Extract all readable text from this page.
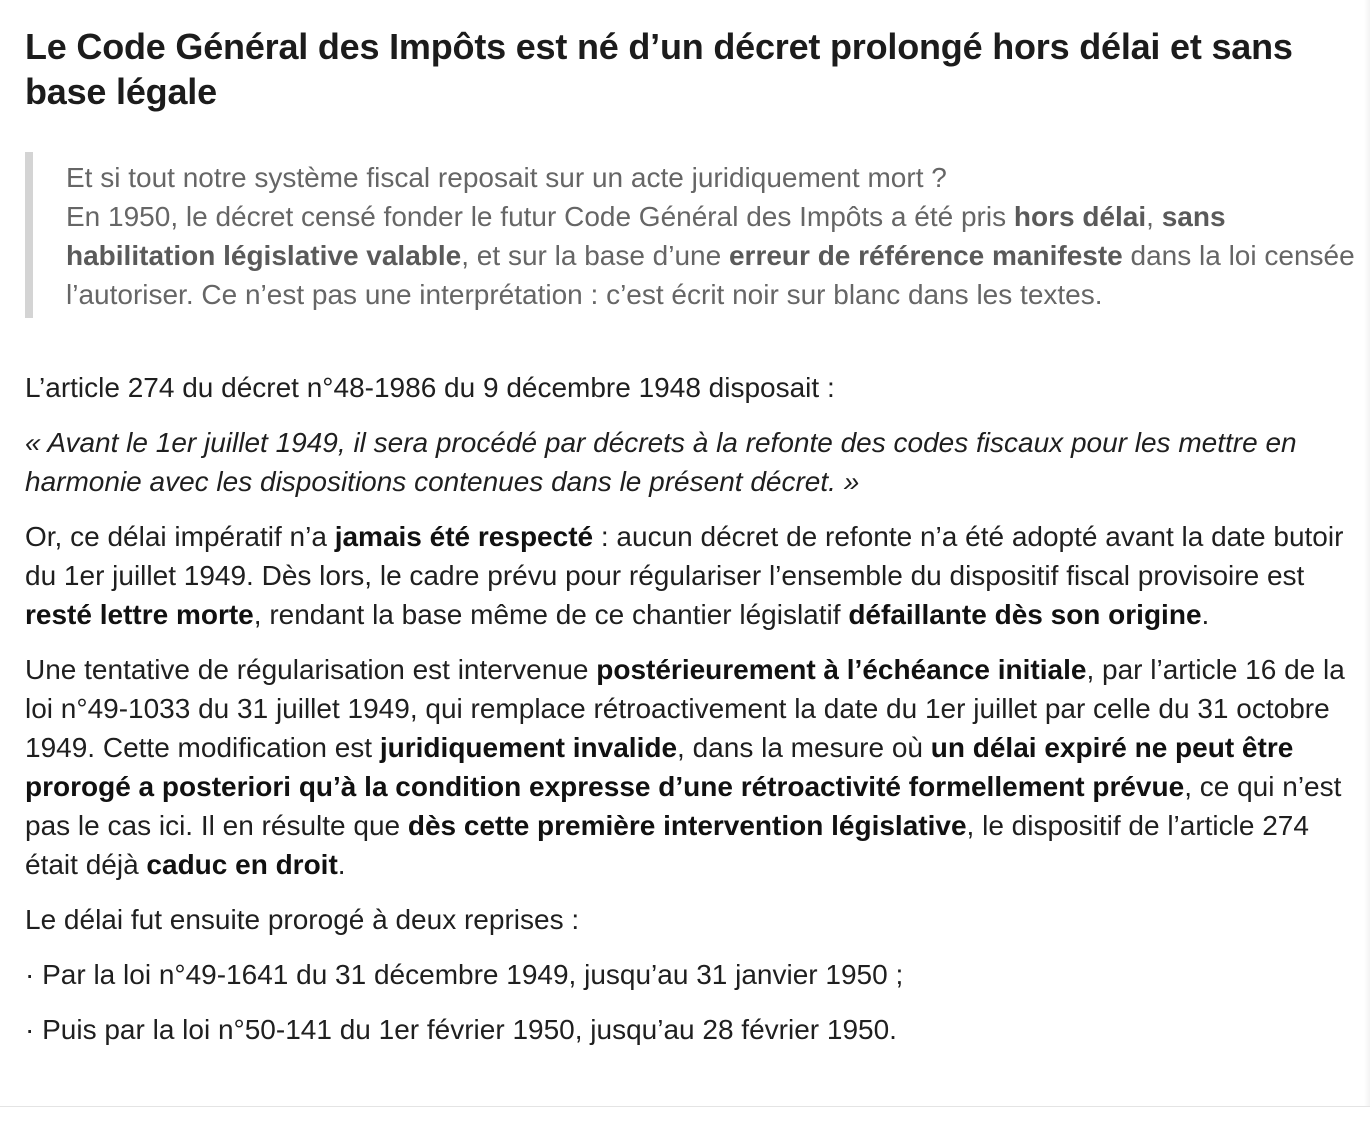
Le Code Général des Impôts est né d’un décret prolongé hors délai et sans base légale
Et si tout notre système fiscal reposait sur un acte juridiquement mort ?
En 1950, le décret censé fonder le futur Code Général des Impôts a été pris hors délai, sans habilitation législative valable, et sur la base d’une erreur de référence manifeste dans la loi censée l’autoriser. Ce n’est pas une interprétation : c’est écrit noir sur blanc dans les textes.

L’article 274 du décret n°48-1986 du 9 décembre 1948 disposait :

« Avant le 1er juillet 1949, il sera procédé par décrets à la refonte des codes fiscaux pour les mettre en harmonie avec les dispositions contenues dans le présent décret. »

Or, ce délai impératif n’a jamais été respecté : aucun décret de refonte n’a été adopté avant la date butoir du 1er juillet 1949. Dès lors, le cadre prévu pour régulariser l’ensemble du dispositif fiscal provisoire est resté lettre morte, rendant la base même de ce chantier législatif défaillante dès son origine.

Une tentative de régularisation est intervenue postérieurement à l’échéance initiale, par l’article 16 de la loi n°49-1033 du 31 juillet 1949, qui remplace rétroactivement la date du 1er juillet par celle du 31 octobre 1949. Cette modification est juridiquement invalide, dans la mesure où un délai expiré ne peut être prorogé a posteriori qu’à la condition expresse d’une rétroactivité formellement prévue, ce qui n’est pas le cas ici. Il en résulte que dès cette première intervention législative, le dispositif de l’article 274 était déjà caduc en droit.

Le délai fut ensuite prorogé à deux reprises :

· Par la loi n°49-1641 du 31 décembre 1949, jusqu’au 31 janvier 1950 ;

· Puis par la loi n°50-141 du 1er février 1950, jusqu’au 28 février 1950.
